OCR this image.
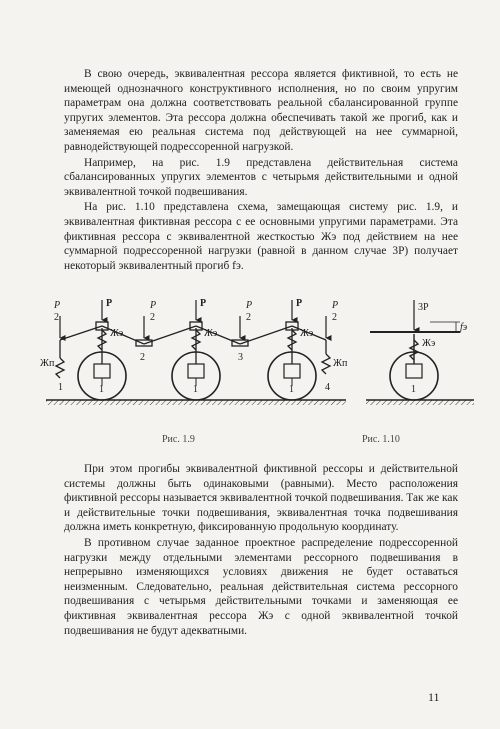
В свою очередь, эквивалентная рессора является фиктивной, то есть не имеющей однозначного конструктивного исполнения, но по своим упругим параметрам она должна соответствовать реальной сбалансированной группе упругих элементов. Эта рессора должна обеспечивать такой же прогиб, как и заменяемая ею реальная система под действующей на нее суммарной, равнодействующей подрессоренной нагрузкой.

Например, на рис. 1.9 представлена действительная система сбалансированных упругих элементов с четырьмя действительными и одной эквивалентной точкой подвешивания.

На рис. 1.10 представлена схема, замещающая систему рис. 1.9, и эквивалентная фиктивная рессора с ее основными упругими параметрами. Эта фиктивная рессора с эквивалентной жесткостью Жэ под действием на нее суммарной подрессоренной нагрузки (равной в данном случае 3P) получает некоторый эквивалентный прогиб fэ.

P	P	P
P
2
P
2
P
2
P
2
Жэ	Жэ	Жэ
Жп	Жп
1
2	3
4
1	1	1
3P
Жэ
fэ
1
Рис. 1.9	Рис. 1.10

При этом прогибы эквивалентной фиктивной рессоры и действительной системы должны быть одинаковыми (равными). Место расположения фиктивной рессоры называется эквивалентной точкой подвешивания. Так же как и действительные точки подвешивания, эквивалентная точка подвешивания должна иметь конкретную, фиксированную продольную координату.

В противном случае заданное проектное распределение подрессоренной нагрузки между отдельными элементами рессорного подвешивания в непрерывно изменяющихся условиях движения не будет оставаться неизменным. Следовательно, реальная действительная система рессорного подвешивания с четырьмя действительными точками и заменяющая ее фиктивная эквивалентная рессора Жэ с одной эквивалентной точкой подвешивания не будут адекватными.

11
